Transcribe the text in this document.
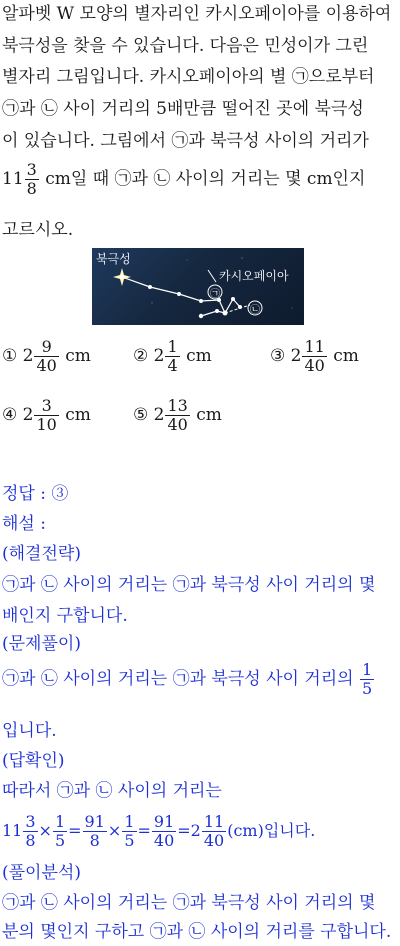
알파벳 W 모양의 별자리인 카시오페이아를 이용하여
북극성을 찾을 수 있습니다. 다음은 민성이가 그린
별자리 그림입니다. 카시오페이아의 별 ㉠으로부터
㉠과 ㉡ 사이 거리의 5배만큼 떨어진 곳에 북극성
이 있습니다. 그림에서 ㉠과 북극성 사이의 거리가
$11 \frac{3}{8}$ cm일 때 ㉠과 ㉡ 사이의 거리는 몇 cm인지
고르시오.
북극성
카시오페이아
㉠
㉡
① $2 \frac{9}{40}$ cm ② $2 \frac{1}{4}$ cm	③ $2 \frac{11}{40}$ cm
④ $2 \frac{3}{10}$ cm ⑤ $2 \frac{13}{40}$ cm
정답 : ③
해설 :
(해결전략)
㉠과 ㉡ 사이의 거리는 ㉠과 북극성 사이 거리의 몇
배인지 구합니다.
(문제풀이)
㉠과 ㉡ 사이의 거리는 ㉠과 북극성 사이 거리의 $\frac{1}{5}$
입니다.
(답확인)
따라서 ㉠과 ㉡ 사이의 거리는
$11 \frac{3}{8} \times \frac{1}{5} = \frac{91}{8} \times \frac{1}{5} = \frac{91}{40} =2 \frac{11}{40} (cm)$입니다.
(풀이분석)
㉠과 ㉡ 사이의 거리는 ㉠과 북극성 사이 거리의 몇
분의 몇인지 구하고 ㉠과 ㉡ 사이의 거리를 구합니다.
